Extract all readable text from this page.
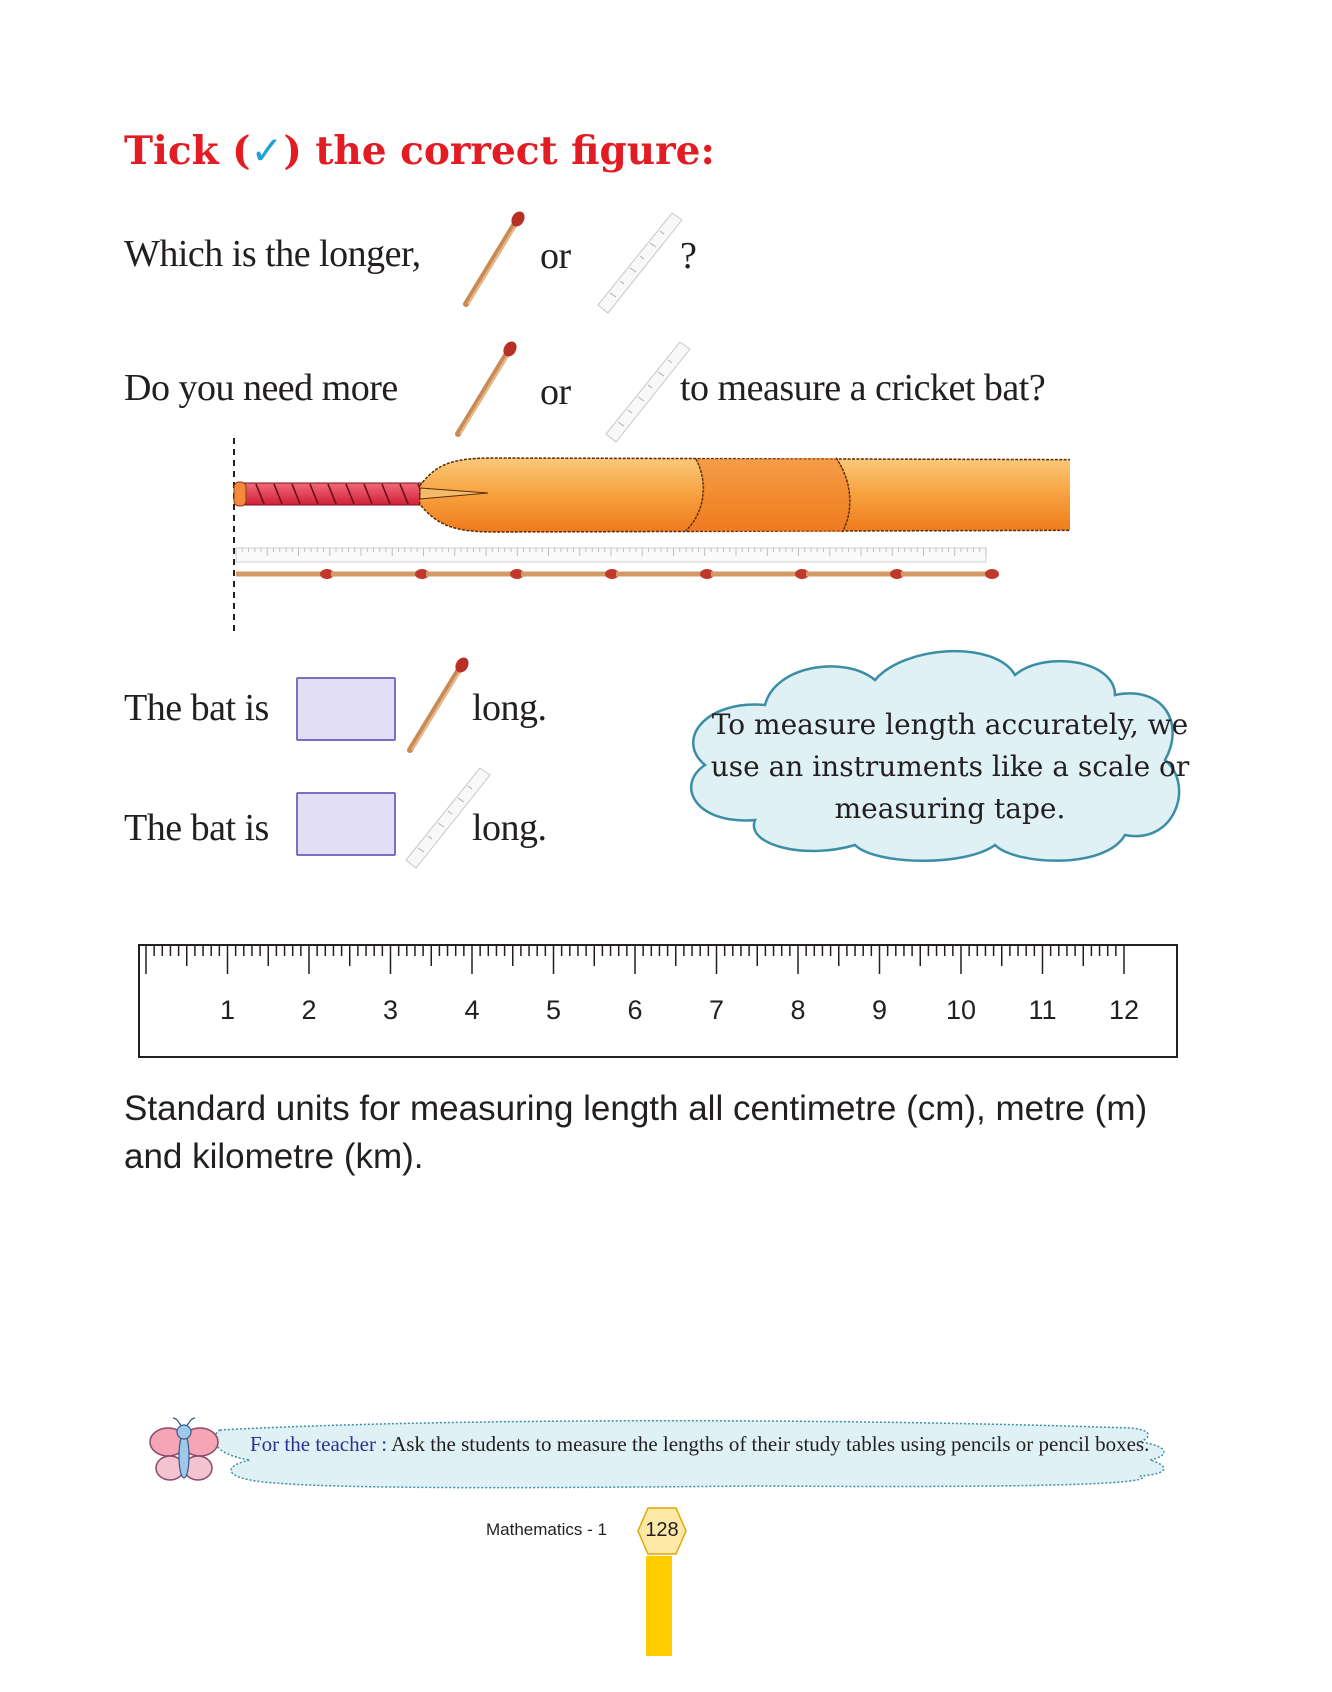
Tick (✓) the correct figure:
Which is the longer,	or	?
Do you need more	or	to measure a cricket bat?
The bat is	long.
The bat is	long.
To measure length accurately, we use an instruments like a scale or measuring tape.
1 2 3 4 5 6 7 8 9 10 11 12
Standard units for measuring length all centimetre (cm), metre (m) and kilometre (km).
For the teacher : Ask the students to measure the lengths of their study tables using pencils or pencil boxes.
Mathematics - 1 128
